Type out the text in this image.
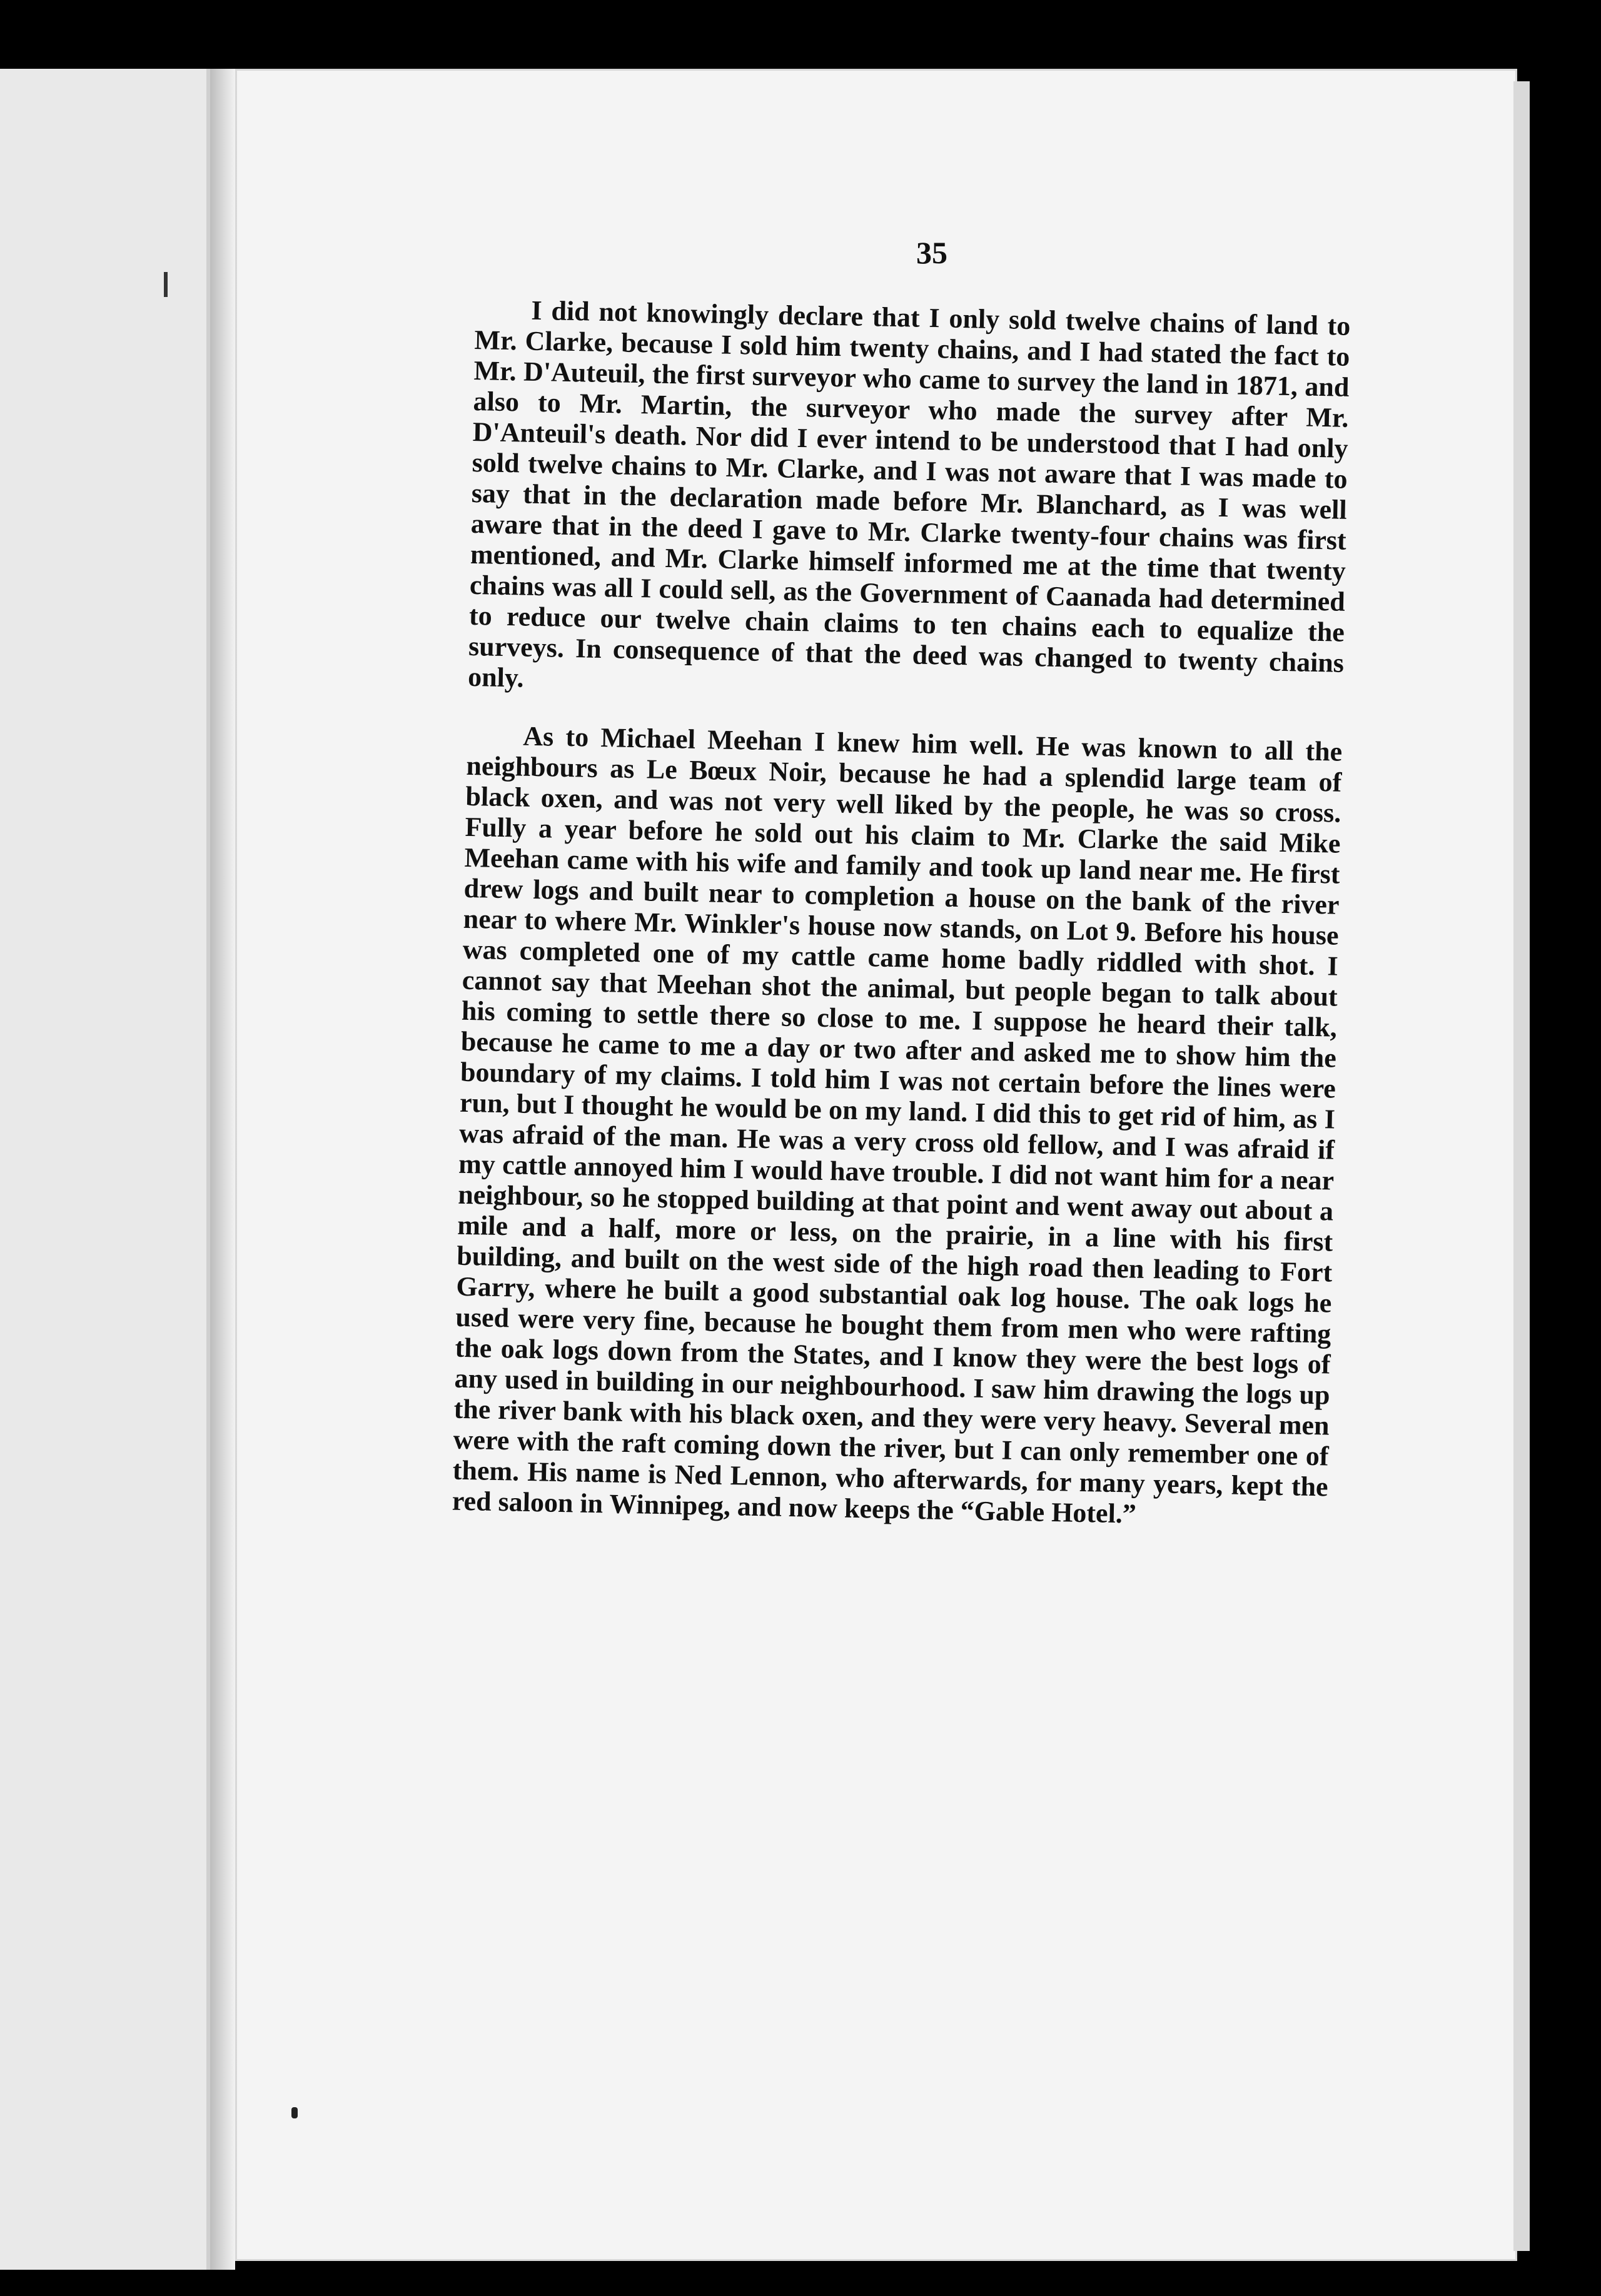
35

I did not knowingly declare that I only sold twelve chains of land to Mr. Clarke, because I sold him twenty chains, and I had stated the fact to Mr. D'Auteuil, the first surveyor who came to survey the land in 1871, and also to Mr. Martin, the surveyor who made the survey after Mr. D'Anteuil's death. Nor did I ever intend to be understood that I had only sold twelve chains to Mr. Clarke, and I was not aware that I was made to say that in the declaration made before Mr. Blanchard, as I was well aware that in the deed I gave to Mr. Clarke twenty-four chains was first mentioned, and Mr. Clarke himself informed me at the time that twenty chains was all I could sell, as the Government of Caanada had determined to reduce our twelve chain claims to ten chains each to equalize the surveys. In consequence of that the deed was changed to twenty chains only.

As to Michael Meehan I knew him well. He was known to all the neighbours as Le Bœux Noir, because he had a splendid large team of black oxen, and was not very well liked by the people, he was so cross. Fully a year before he sold out his claim to Mr. Clarke the said Mike Meehan came with his wife and family and took up land near me. He first drew logs and built near to completion a house on the bank of the river near to where Mr. Winkler's house now stands, on Lot 9. Before his house was completed one of my cattle came home badly riddled with shot. I cannot say that Meehan shot the animal, but people began to talk about his coming to settle there so close to me. I suppose he heard their talk, because he came to me a day or two after and asked me to show him the boundary of my claims. I told him I was not certain before the lines were run, but I thought he would be on my land. I did this to get rid of him, as I was afraid of the man. He was a very cross old fellow, and I was afraid if my cattle annoyed him I would have trouble. I did not want him for a near neighbour, so he stopped building at that point and went away out about a mile and a half, more or less, on the prairie, in a line with his first building, and built on the west side of the high road then leading to Fort Garry, where he built a good substantial oak log house. The oak logs he used were very fine, because he bought them from men who were rafting the oak logs down from the States, and I know they were the best logs of any used in building in our neighbourhood. I saw him drawing the logs up the river bank with his black oxen, and they were very heavy. Several men were with the raft coming down the river, but I can only remember one of them. His name is Ned Lennon, who afterwards, for many years, kept the red saloon in Winnipeg, and now keeps the “Gable Hotel.”
